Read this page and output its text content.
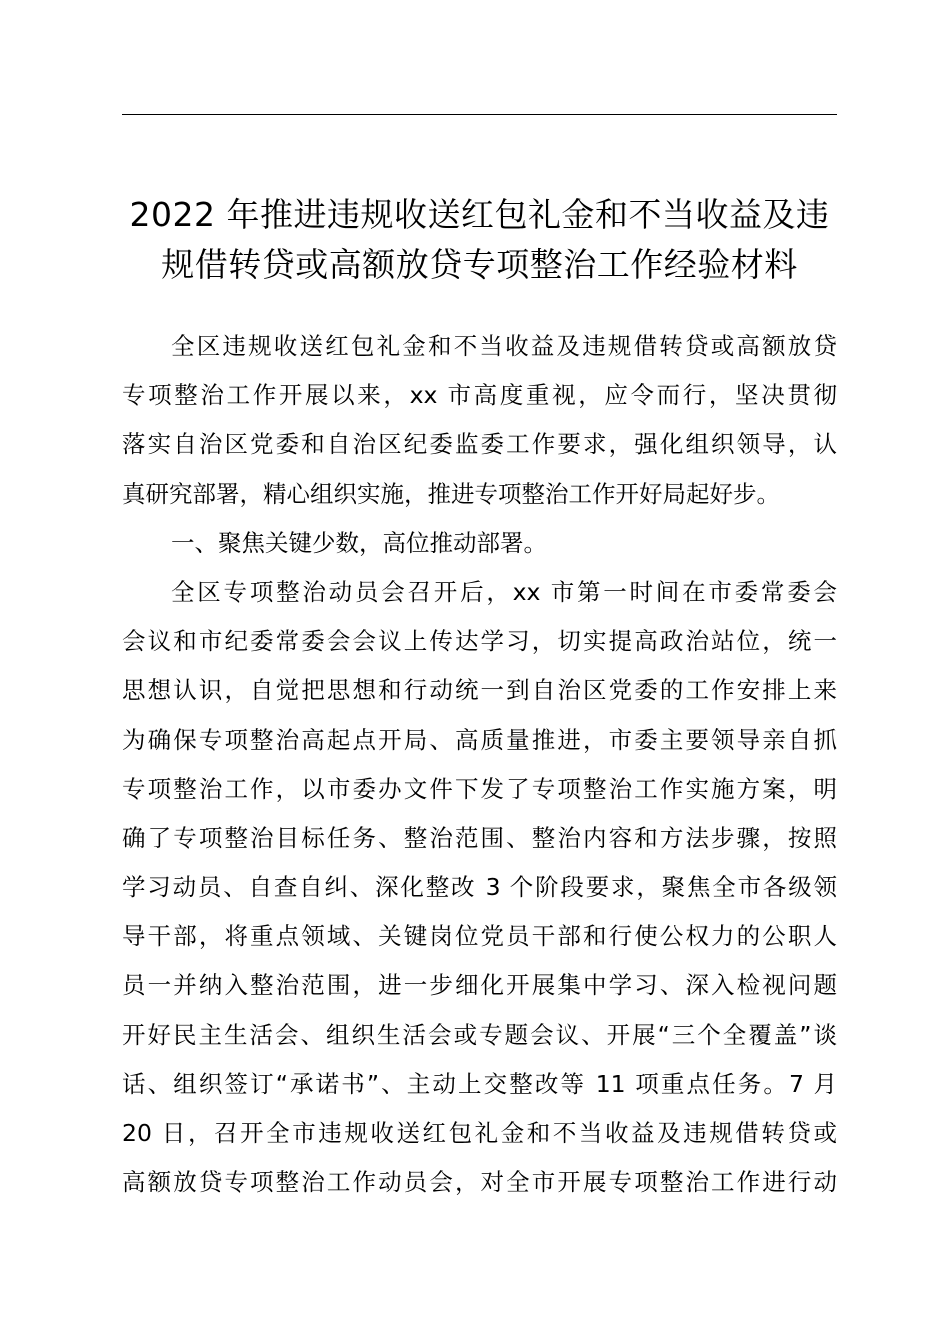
2022 年推进违规收送红包礼金和不当收益及违
规借转贷或高额放贷专项整治工作经验材料
全区违规收送红包礼金和不当收益及违规借转贷或高额放贷
专项整治工作开展以来，xx 市高度重视，应令而行，坚决贯彻
落实自治区党委和自治区纪委监委工作要求，强化组织领导，认
真研究部署，精心组织实施，推进专项整治工作开好局起好步。
一、聚焦关键少数，高位推动部署。
全区专项整治动员会召开后，xx 市第一时间在市委常委会
会议和市纪委常委会会议上传达学习，切实提高政治站位，统一
思想认识，自觉把思想和行动统一到自治区党委的工作安排上来
为确保专项整治高起点开局、高质量推进，市委主要领导亲自抓
专项整治工作，以市委办文件下发了专项整治工作实施方案，明
确了专项整治目标任务、整治范围、整治内容和方法步骤，按照
学习动员、自查自纠、深化整改 3 个阶段要求，聚焦全市各级领
导干部，将重点领域、关键岗位党员干部和行使公权力的公职人
员一并纳入整治范围，进一步细化开展集中学习、深入检视问题
开好民主生活会、组织生活会或专题会议、开展“三个全覆盖”谈
话、组织签订“承诺书”、主动上交整改等 11 项重点任务。7 月
20 日，召开全市违规收送红包礼金和不当收益及违规借转贷或
高额放贷专项整治工作动员会，对全市开展专项整治工作进行动
